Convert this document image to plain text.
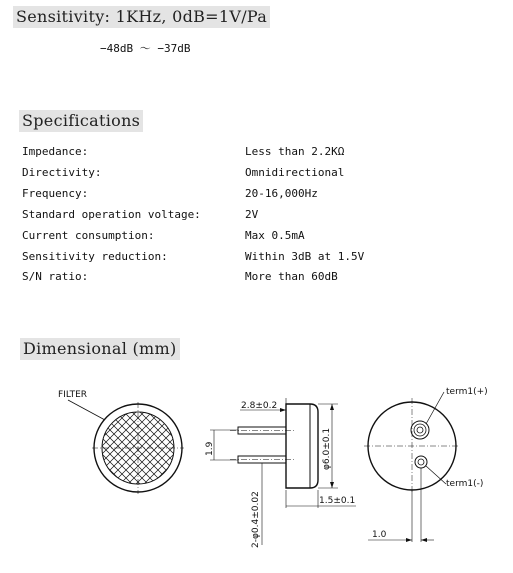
Sensitivity: 1KHz, 0dB=1V/Pa
−48dB ～ −37dB
Specifications
Impedance:	Less than 2.2KΩ
Directivity:	Omnidirectional
Frequency:	20-16,000Hz
Standard operation voltage:	2V
Current consumption:	Max 0.5mA
Sensitivity reduction:	Within 3dB at 1.5V
S/N ratio:	More than 60dB
Dimensional (mm)
FILTER
2.8±0.2
1.9	φ6.0±0.1
2-φ0.4±0.02	1.5±0.1
term1(+)
term1(-)
1.0
